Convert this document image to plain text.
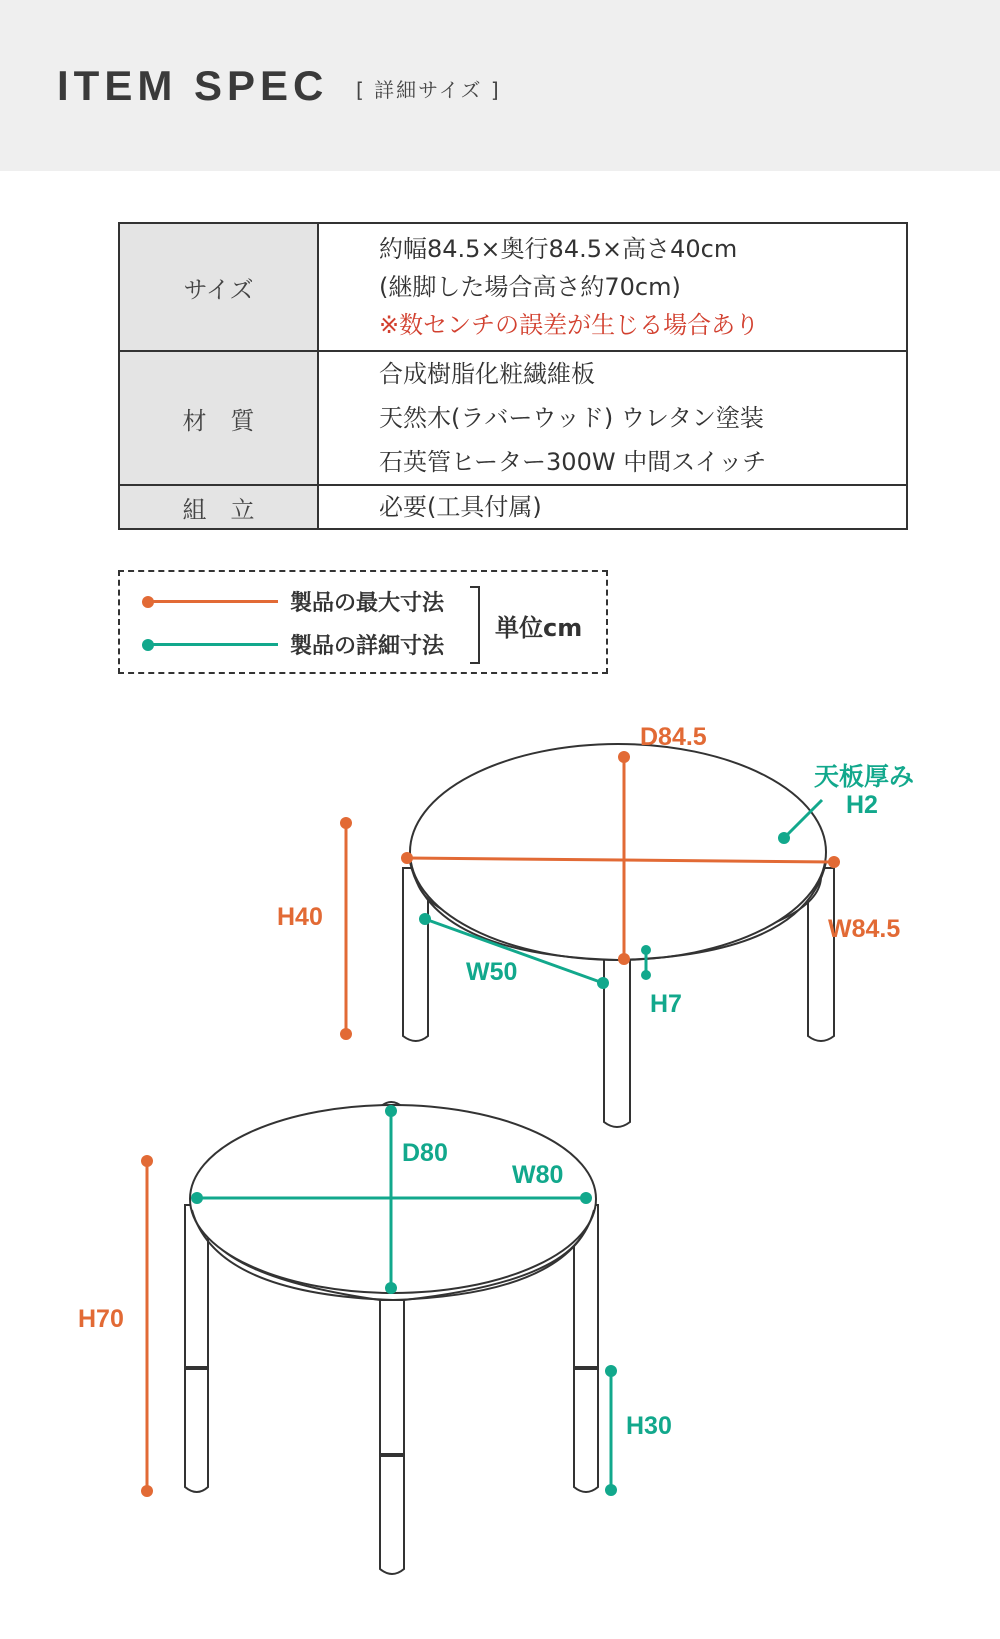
ITEM SPEC [ 詳細サイズ ]
サイズ	約幅84.5×奥行84.5×高さ40cm
(継脚した場合高さ約70cm)
※数センチの誤差が生じる場合あり

材　質	合成樹脂化粧繊維板
天然木(ラバーウッド) ウレタン塗装
石英管ヒーター300W 中間スイッチ

組　立	必要(工具付属)
製品の最大寸法
製品の詳細寸法
単位cm
D84.5
W84.5
H40
天板厚み
H2
W50
H7
H70
D80
W80
H30
